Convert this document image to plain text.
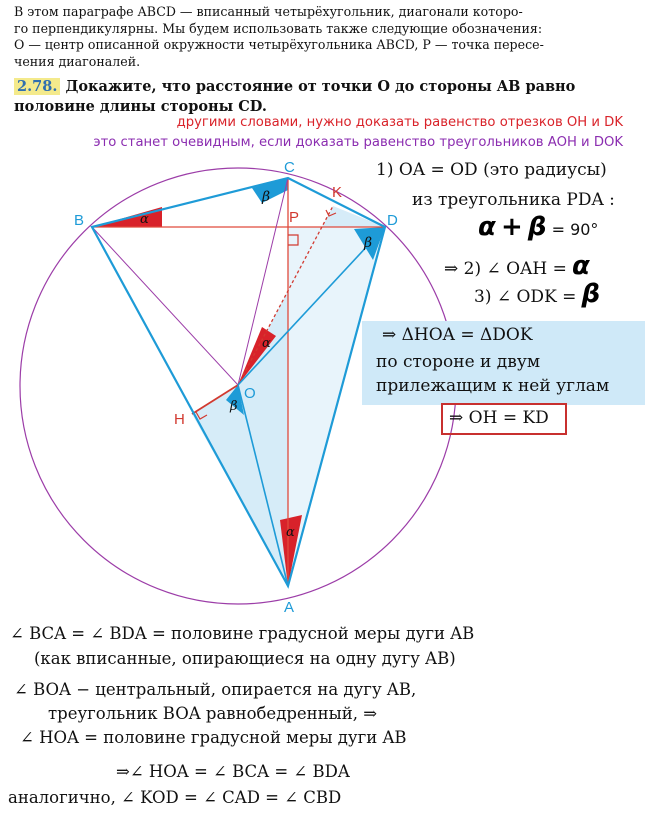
В этом параграфе ABCD — вписанный четырёхугольник, диагонали которо-
го перпендикулярны. Мы будем использовать также следующие обозначения:
O — центр описанной окружности четырёхугольника ABCD, P — точка пересе-
чения диагоналей.
2.78. Докажите, что расстояние от точки O до стороны AB равно
половине длины стороны CD.
другими словами, нужно доказать равенство отрезков OH и DK
это станет очевидным, если доказать равенство треугольников AOH и DOK
α
α
α
β
β
β
B
C
D
A
O
P
H
K
1) OA = OD (это радиусы)
из треугольника PDA :
α + β = 90°
⇒ 2) ∠ OAH = α
3) ∠ ODK = β
⇒ ΔHOA = ΔDOK
по стороне и двум
прилежащим к ней углам
⇒ OH = KD
∠ BCA = ∠ BDA = половине градусной меры дуги AB
(как вписанные, опирающиеся на одну дугу AB)
∠ BOA − центральный, опирается на дугу AB,
треугольник BOA равнобедренный, ⇒
∠ HOA = половине градусной меры дуги AB
⇒∠ HOA = ∠ BCA = ∠ BDA
аналогично, ∠ KOD = ∠ CAD = ∠ CBD
